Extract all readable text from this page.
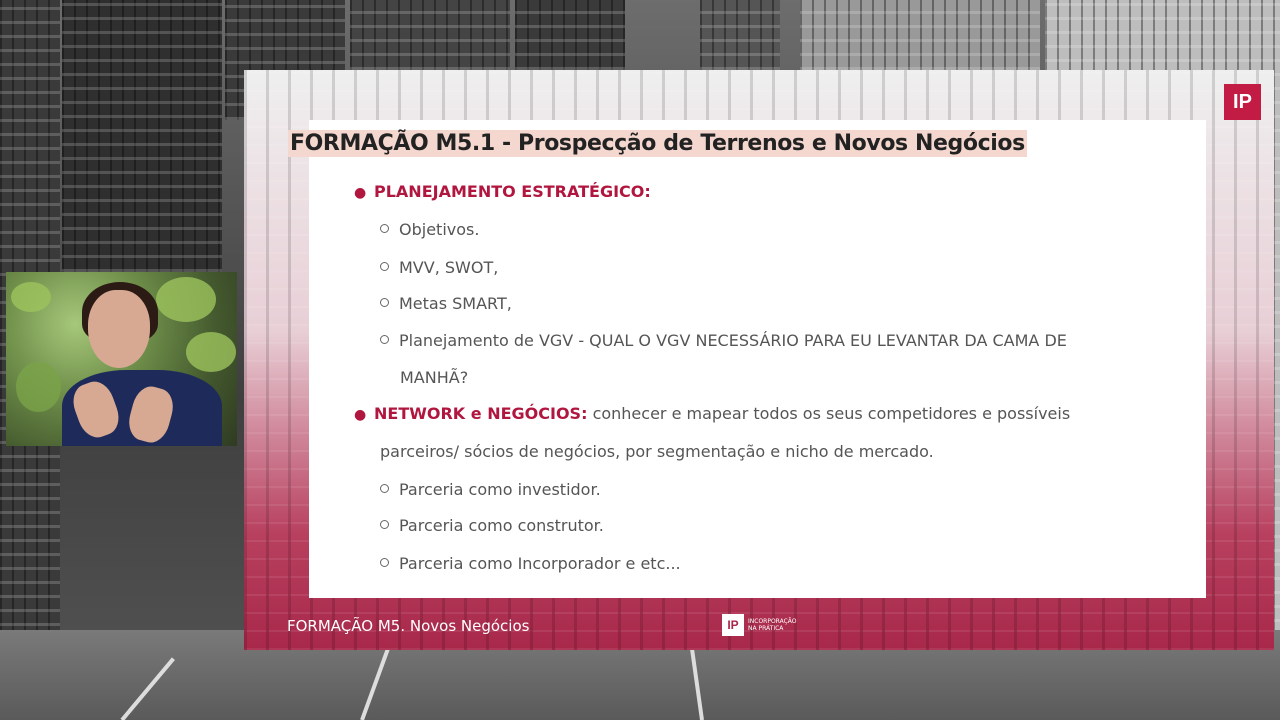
IP
FORMAÇÃO M5.1 - Prospecção de Terrenos e Novos Negócios
● PLANEJAMENTO ESTRATÉGICO:
Objetivos.
MVV, SWOT,
Metas SMART,
Planejamento de VGV - QUAL O VGV NECESSÁRIO PARA EU LEVANTAR DA CAMA DE
MANHÃ?
● NETWORK e NEGÓCIOS: conhecer e mapear todos os seus competidores e possíveis
parceiros/ sócios de negócios, por segmentação e nicho de mercado.
Parceria como investidor.
Parceria como construtor.
Parceria como Incorporador e etc...
FORMAÇÃO M5. Novos Negócios	IP	INCORPORAÇÃO
NA PRÁTICA
